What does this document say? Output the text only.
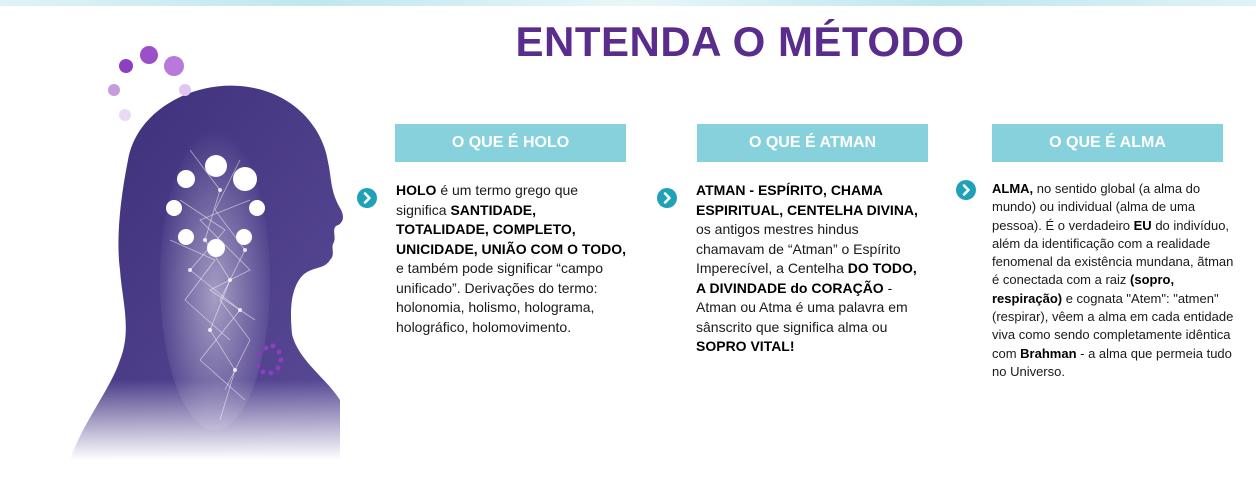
ENTENDA O MÉTODO
O QUE É HOLO
HOLO é um termo grego que significa SANTIDADE, TOTALIDADE, COMPLETO, UNICIDADE, UNIÃO COM O TODO, e também pode significar “campo unificado”. Derivações do termo: holonomia, holismo, holograma, holográfico, holomovimento.
O QUE É ATMAN
ATMAN - ESPÍRITO, CHAMA ESPIRITUAL, CENTELHA DIVINA, os antigos mestres hindus chamavam de “Atman” o Espírito Imperecível, a Centelha DO TODO, A DIVINDADE do CORAÇÃO - Atman ou Atma é uma palavra em sânscrito que significa alma ou SOPRO VITAL!
O QUE É ALMA
ALMA, no sentido global (a alma do mundo) ou individual (alma de uma pessoa). É o verdadeiro EU do indivíduo, além da identificação com a realidade fenomenal da existência mundana, ãtman é conectada com a raiz (sopro, respiração) e cognata "Atem": "atmen" (respirar), vêem a alma em cada entidade viva como sendo completamente idêntica com Brahman - a alma que permeia tudo no Universo.
